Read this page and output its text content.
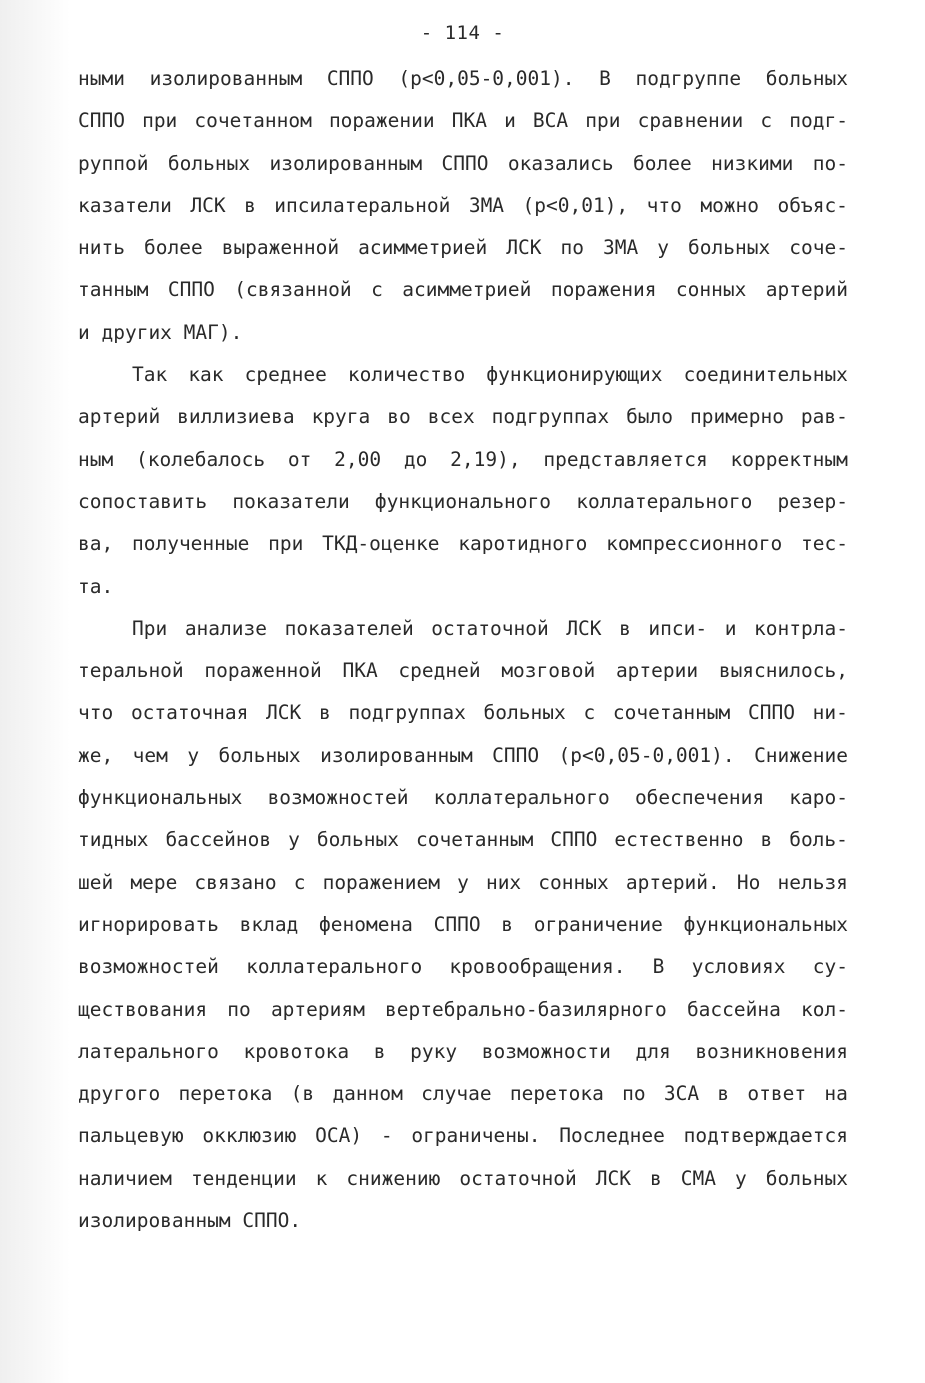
- 114 -
ными изолированным СППО (р<0,05-0,001). В подгруппе больных
СППО при сочетанном поражении ПКА и ВСА при сравнении с подг-
руппой больных изолированным СППО оказались более низкими по-
казатели ЛСК в ипсилатеральной ЗМА (р<0,01), что можно объяс-
нить более выраженной асимметрией ЛСК по ЗМА у больных соче-
танным СППО (связанной с асимметрией поражения сонных артерий
и других МАГ).
Так как среднее количество функционирующих соединительных
артерий виллизиева круга во всех подгруппах было примерно рав-
ным (колебалось от 2,00 до 2,19), представляется корректным
сопоставить показатели функционального коллатерального резер-
ва, полученные при ТКД-оценке каротидного компрессионного тес-
та.
При анализе показателей остаточной ЛСК в ипси- и контрла-
теральной пораженной ПКА средней мозговой артерии выяснилось,
что остаточная ЛСК в подгруппах больных с сочетанным СППО ни-
же, чем у больных изолированным СППО (р<0,05-0,001). Снижение
функциональных возможностей коллатерального обеспечения каро-
тидных бассейнов у больных сочетанным СППО естественно в боль-
шей мере связано с поражением у них сонных артерий. Но нельзя
игнорировать вклад феномена СППО в ограничение функциональных
возможностей коллатерального кровообращения. В условиях су-
ществования по артериям вертебрально-базилярного бассейна кол-
латерального кровотока в руку возможности для возникновения
другого перетока (в данном случае перетока по ЗСА в ответ на
пальцевую окклюзию ОСА) - ограничены. Последнее подтверждается
наличием тенденции к снижению остаточной ЛСК в СМА у больных
изолированным СППО.
